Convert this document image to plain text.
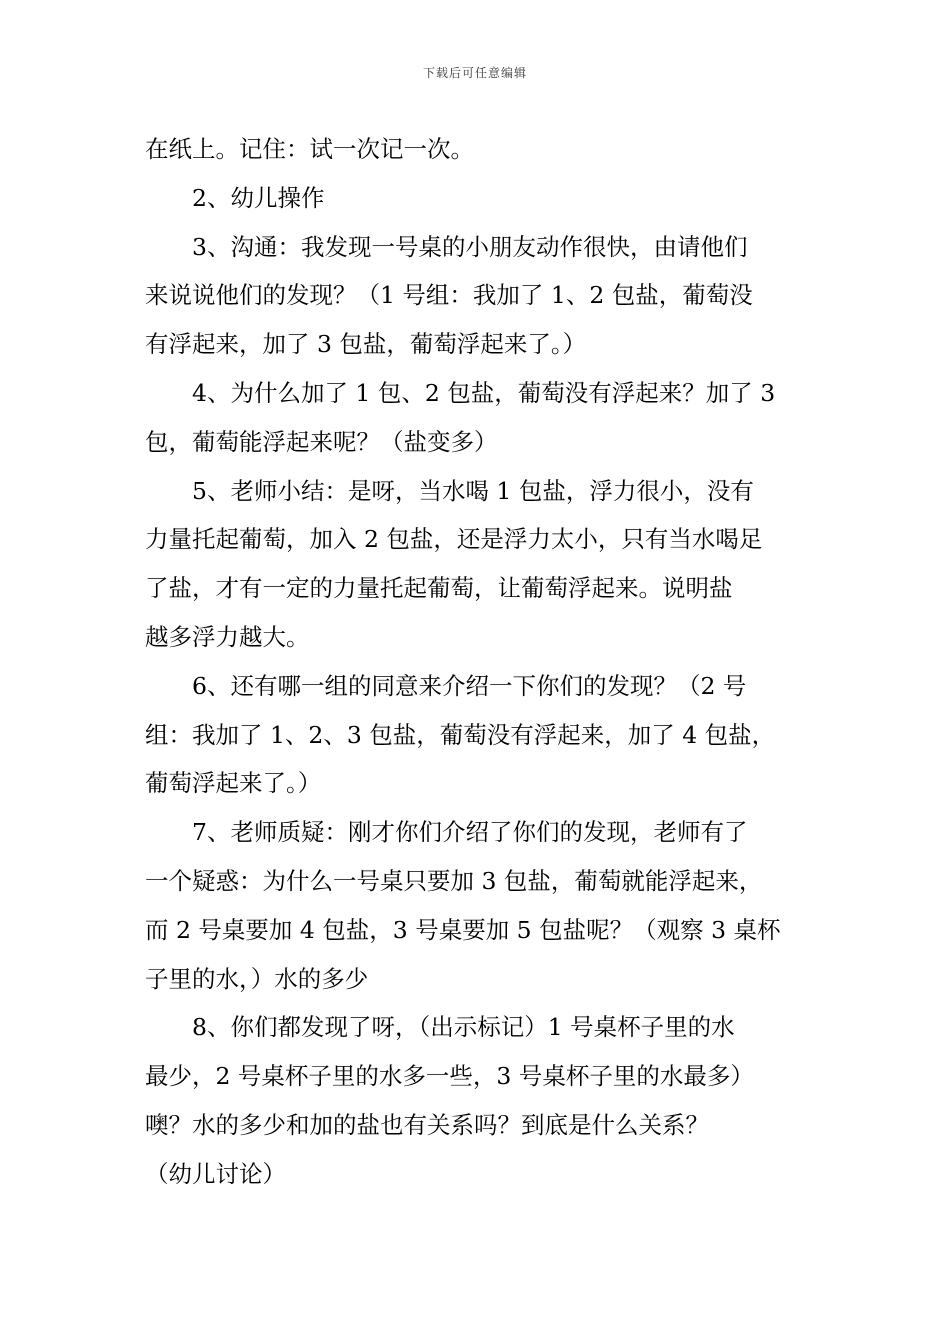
下载后可任意编辑

在纸上。记住：试一次记一次。

2、幼儿操作

3、沟通：我发现一号桌的小朋友动作很快，由请他们
来说说他们的发现？（1 号组：我加了 1、2 包盐，葡萄没
有浮起来，加了 3 包盐，葡萄浮起来了。）

4、为什么加了 1 包、2 包盐，葡萄没有浮起来？加了 3
包，葡萄能浮起来呢？（盐变多）

5、老师小结：是呀，当水喝 1 包盐，浮力很小，没有
力量托起葡萄，加入 2 包盐，还是浮力太小，只有当水喝足
了盐，才有一定的力量托起葡萄，让葡萄浮起来。说明盐
越多浮力越大。

6、还有哪一组的同意来介绍一下你们的发现？（2 号
组：我加了 1、2、3 包盐，葡萄没有浮起来，加了 4 包盐，
葡萄浮起来了。）

7、老师质疑：刚才你们介绍了你们的发现，老师有了
一个疑惑：为什么一号桌只要加 3 包盐，葡萄就能浮起来，
而 2 号桌要加 4 包盐，3 号桌要加 5 包盐呢？（观察 3 桌杯
子里的水，）水的多少

8、你们都发现了呀，（出示标记）1 号桌杯子里的水
最少，2 号桌杯子里的水多一些，3 号桌杯子里的水最多）
噢？水的多少和加的盐也有关系吗？到底是什么关系？
（幼儿讨论）
